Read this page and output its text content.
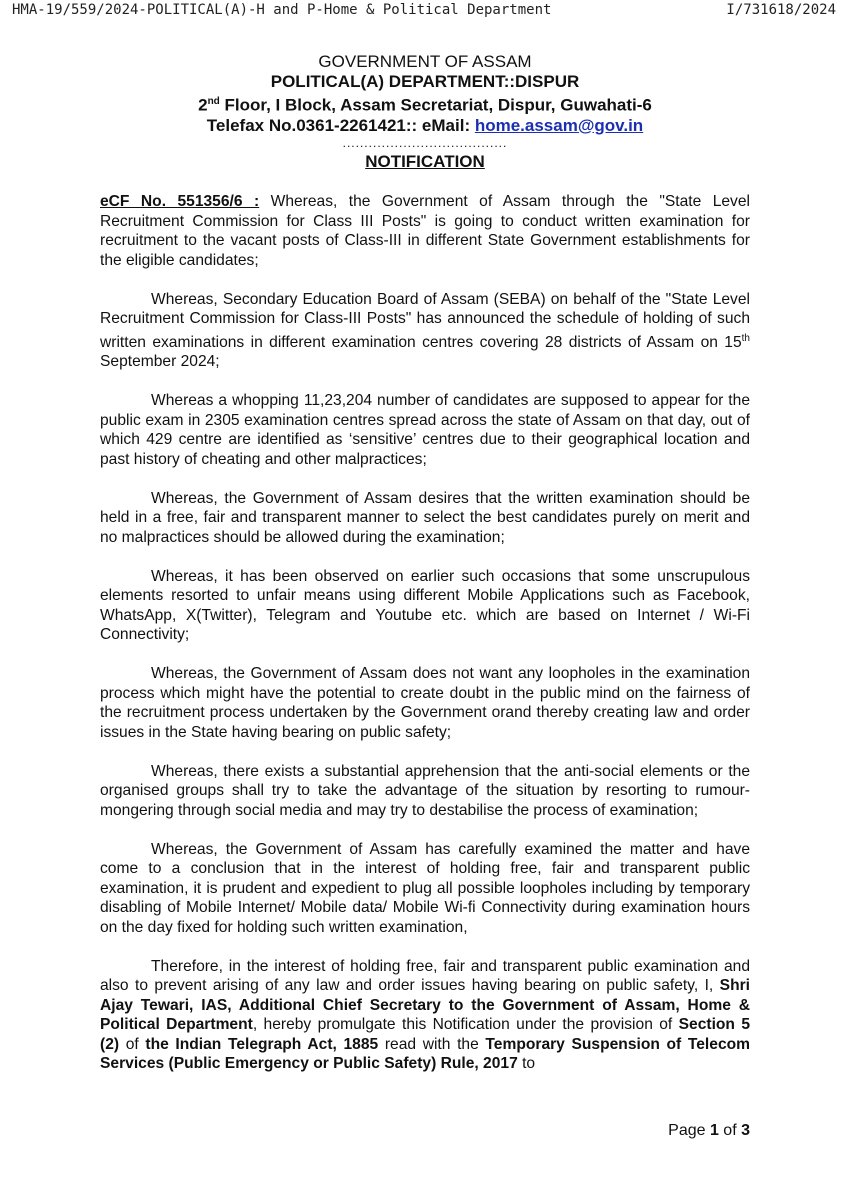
HMA-19/559/2024-POLITICAL(A)-H and P-Home & Political Department	I/731618/2024
GOVERNMENT OF ASSAM
POLITICAL(A) DEPARTMENT::DISPUR
2nd Floor, I Block, Assam Secretariat, Dispur, Guwahati-6
Telefax No.0361-2261421:: eMail: home.assam@gov.in
......................................
NOTIFICATION

eCF No. 551356/6 : Whereas, the Government of Assam through the "State Level Recruitment Commission for Class III Posts" is going to conduct written examination for recruitment to the vacant posts of Class-III in different State Government establishments for the eligible candidates;

Whereas, Secondary Education Board of Assam (SEBA) on behalf of the "State Level Recruitment Commission for Class-III Posts" has announced the schedule of holding of such written examinations in different examination centres covering 28 districts of Assam on 15th September 2024;

Whereas a whopping 11,23,204 number of candidates are supposed to appear for the public exam in 2305 examination centres spread across the state of Assam on that day, out of which 429 centre are identified as ‘sensitive’ centres due to their geographical location and past history of cheating and other malpractices;

Whereas, the Government of Assam desires that the written examination should be held in a free, fair and transparent manner to select the best candidates purely on merit and no malpractices should be allowed during the examination;

Whereas, it has been observed on earlier such occasions that some unscrupulous elements resorted to unfair means using different Mobile Applications such as Facebook, WhatsApp, X(Twitter), Telegram and Youtube etc. which are based on Internet / Wi-Fi Connectivity;

Whereas, the Government of Assam does not want any loopholes in the examination process which might have the potential to create doubt in the public mind on the fairness of the recruitment process undertaken by the Government orand thereby creating law and order issues in the State having bearing on public safety;

Whereas, there exists a substantial apprehension that the anti-social elements or the organised groups shall try to take the advantage of the situation by resorting to rumour-mongering through social media and may try to destabilise the process of examination;

Whereas, the Government of Assam has carefully examined the matter and have come to a conclusion that in the interest of holding free, fair and transparent public examination, it is prudent and expedient to plug all possible loopholes including by temporary disabling of Mobile Internet/ Mobile data/ Mobile Wi-fi Connectivity during examination hours on the day fixed for holding such written examination,

Therefore, in the interest of holding free, fair and transparent public examination and also to prevent arising of any law and order issues having bearing on public safety, I, Shri Ajay Tewari, IAS, Additional Chief Secretary to the Government of Assam, Home & Political Department, hereby promulgate this Notification under the provision of Section 5 (2) of the Indian Telegraph Act, 1885 read with the Temporary Suspension of Telecom Services (Public Emergency or Public Safety) Rule, 2017 to

Page 1 of 3
